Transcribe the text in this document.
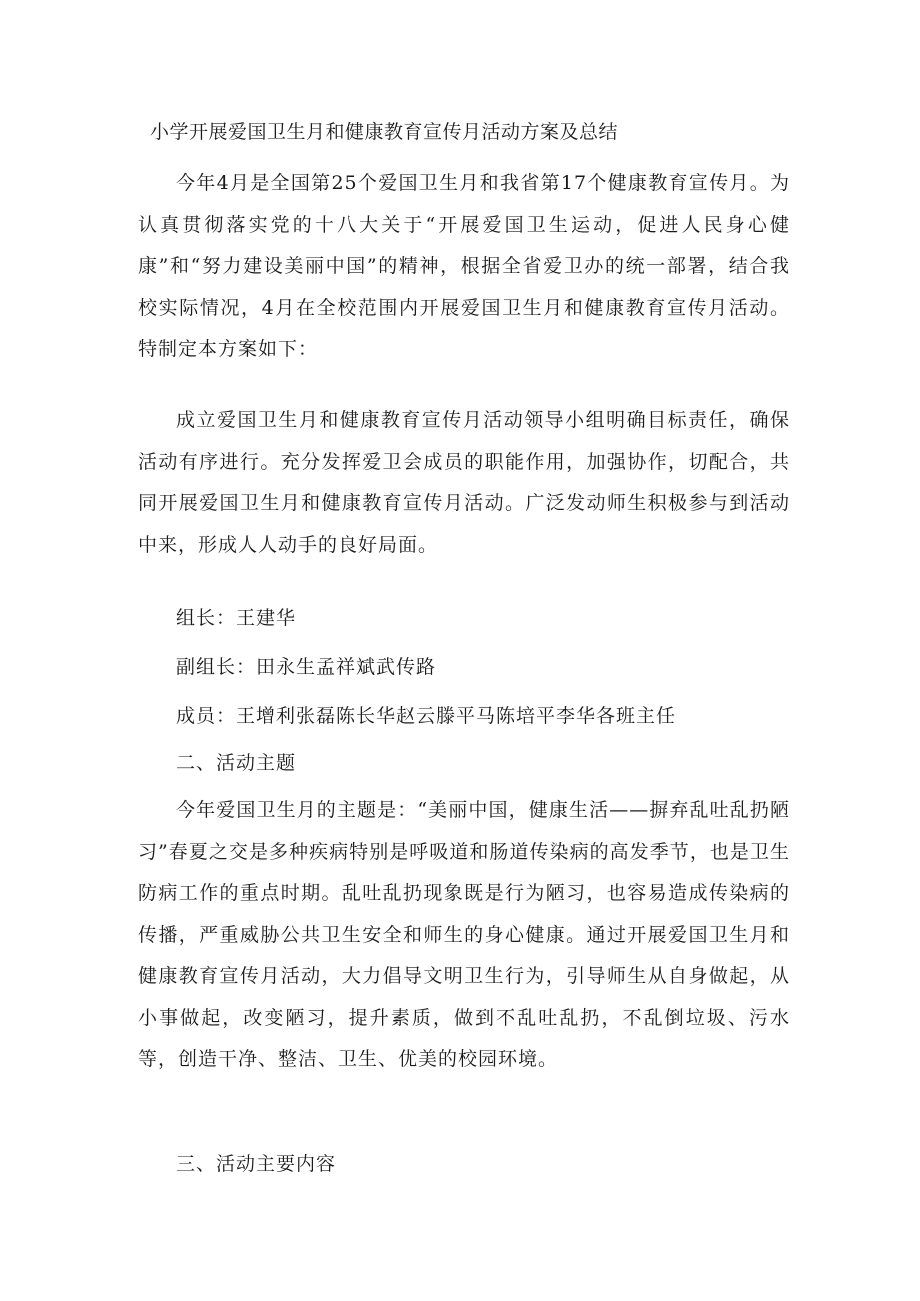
小学开展爱国卫生月和健康教育宣传月活动方案及总结

今年4月是全国第25个爱国卫生月和我省第17个健康教育宣传月。为认真贯彻落实党的十八大关于“开展爱国卫生运动，促进人民身心健康”和“努力建设美丽中国”的精神，根据全省爱卫办的统一部署，结合我校实际情况，4月在全校范围内开展爱国卫生月和健康教育宣传月活动。特制定本方案如下：

成立爱国卫生月和健康教育宣传月活动领导小组明确目标责任，确保活动有序进行。充分发挥爱卫会成员的职能作用，加强协作，切配合，共同开展爱国卫生月和健康教育宣传月活动。广泛发动师生积极参与到活动中来，形成人人动手的良好局面。

组长：王建华

副组长：田永生孟祥斌武传路

成员：王增利张磊陈长华赵云滕平马陈培平李华各班主任

二、活动主题

今年爱国卫生月的主题是：“美丽中国，健康生活——摒弃乱吐乱扔陋习”春夏之交是多种疾病特别是呼吸道和肠道传染病的高发季节，也是卫生防病工作的重点时期。乱吐乱扔现象既是行为陋习，也容易造成传染病的传播，严重威胁公共卫生安全和师生的身心健康。通过开展爱国卫生月和健康教育宣传月活动，大力倡导文明卫生行为，引导师生从自身做起，从小事做起，改变陋习，提升素质，做到不乱吐乱扔，不乱倒垃圾、污水等，创造干净、整洁、卫生、优美的校园环境。

三、活动主要内容
